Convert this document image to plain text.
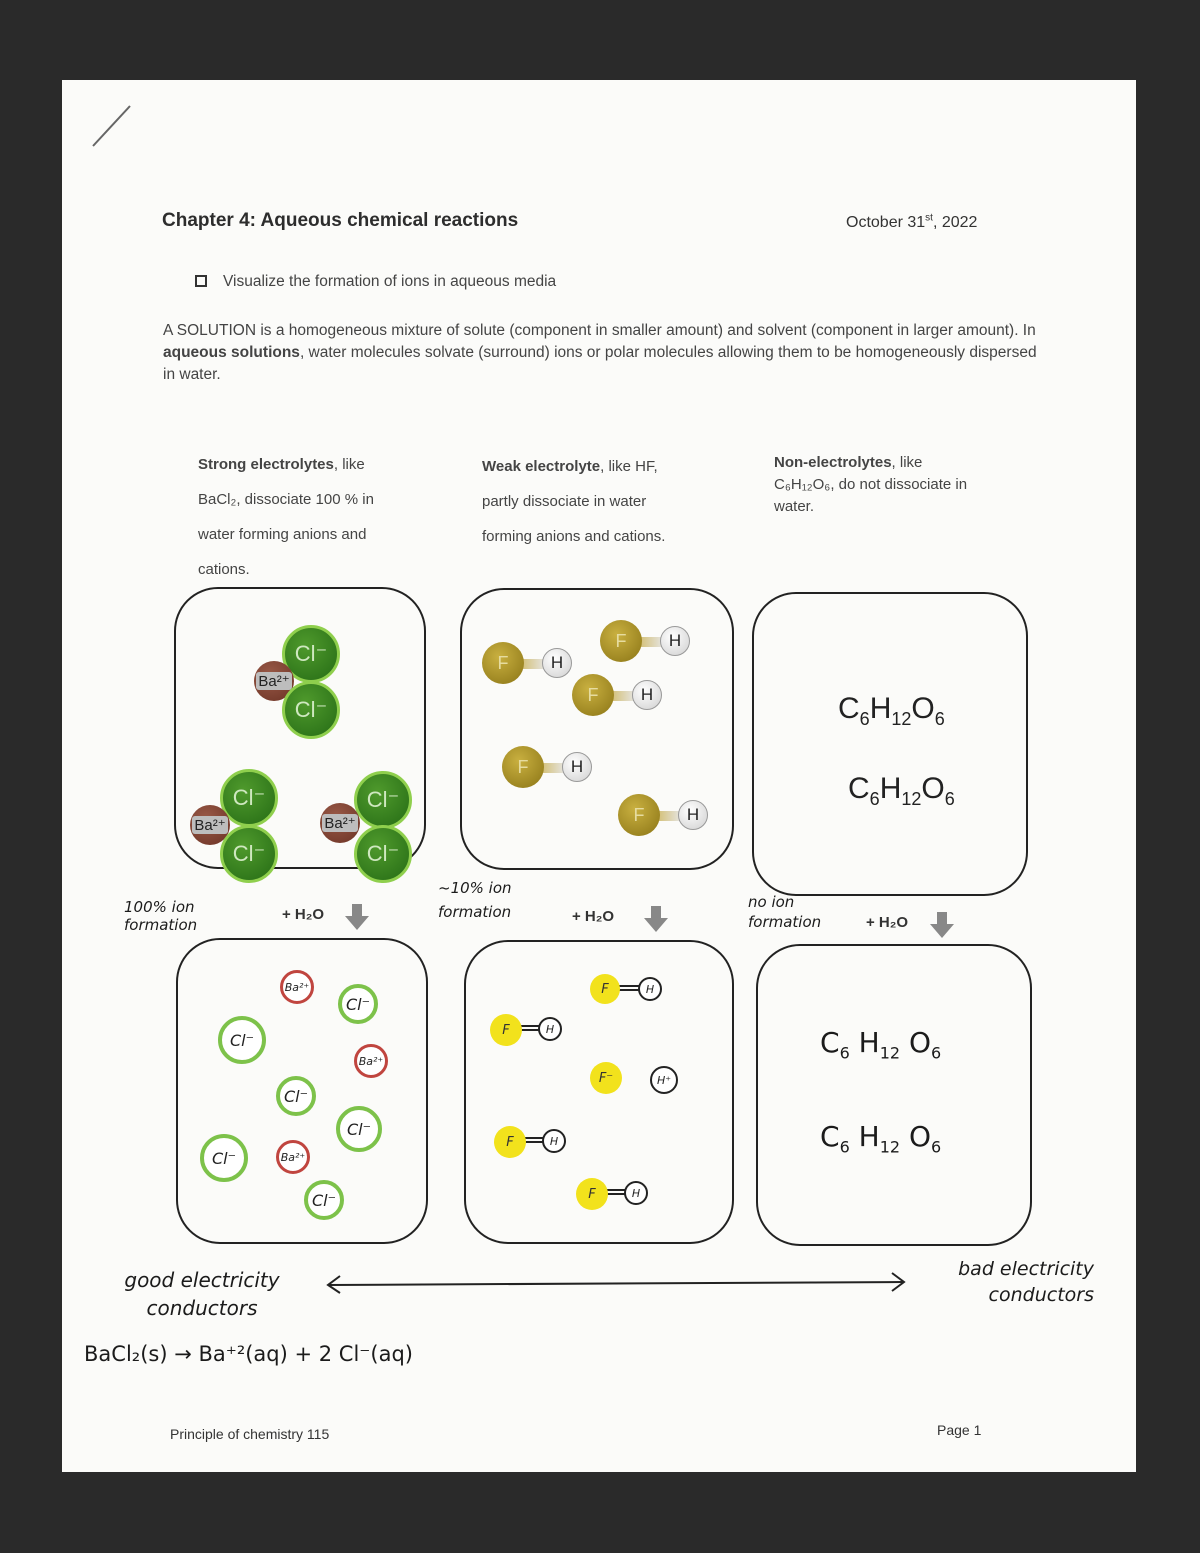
Chapter 4: Aqueous chemical reactions	October 31st, 2022
Visualize the formation of ions in aqueous media
A SOLUTION is a homogeneous mixture of solute (component in smaller amount) and solvent (component in larger amount). In aqueous solutions, water molecules solvate (surround) ions or polar molecules allowing them to be homogeneously dispersed in water.
Strong electrolytes, like
BaCl₂, dissociate 100 % in
water forming anions and
cations.
Weak electrolyte, like HF,
partly dissociate in water
forming anions and cations.
Non-electrolytes, like
C₆H₁₂O₆, do not dissociate in
water.
Cl⁻
Ba²⁺
Cl⁻
Cl⁻
Ba²⁺
Cl⁻
Cl⁻
Ba²⁺
Cl⁻
F H
F H
F H
F H
F H
$C_6H_{12}O_6$
$C_6H_{12}O_6$
100% ion
formation
+ H₂O
~10% ion
formation	+ H₂O
no ion
formation	+ H₂O
Ba²⁺
Cl⁻
Cl⁻
Ba²⁺
Cl⁻
Cl⁻
Cl⁻	Ba²⁺
Cl⁻
F	H
F	H
F⁻	H⁺
F	H
F	H
$C_6$ $H_{12}$ $O_6$
$C_6$ $H_{12}$ $O_6$
good electricity
conductors
bad electricity
conductors
BaCl₂(s) → Ba⁺²(aq) + 2 Cl⁻(aq)
Principle of chemistry 115	Page 1
